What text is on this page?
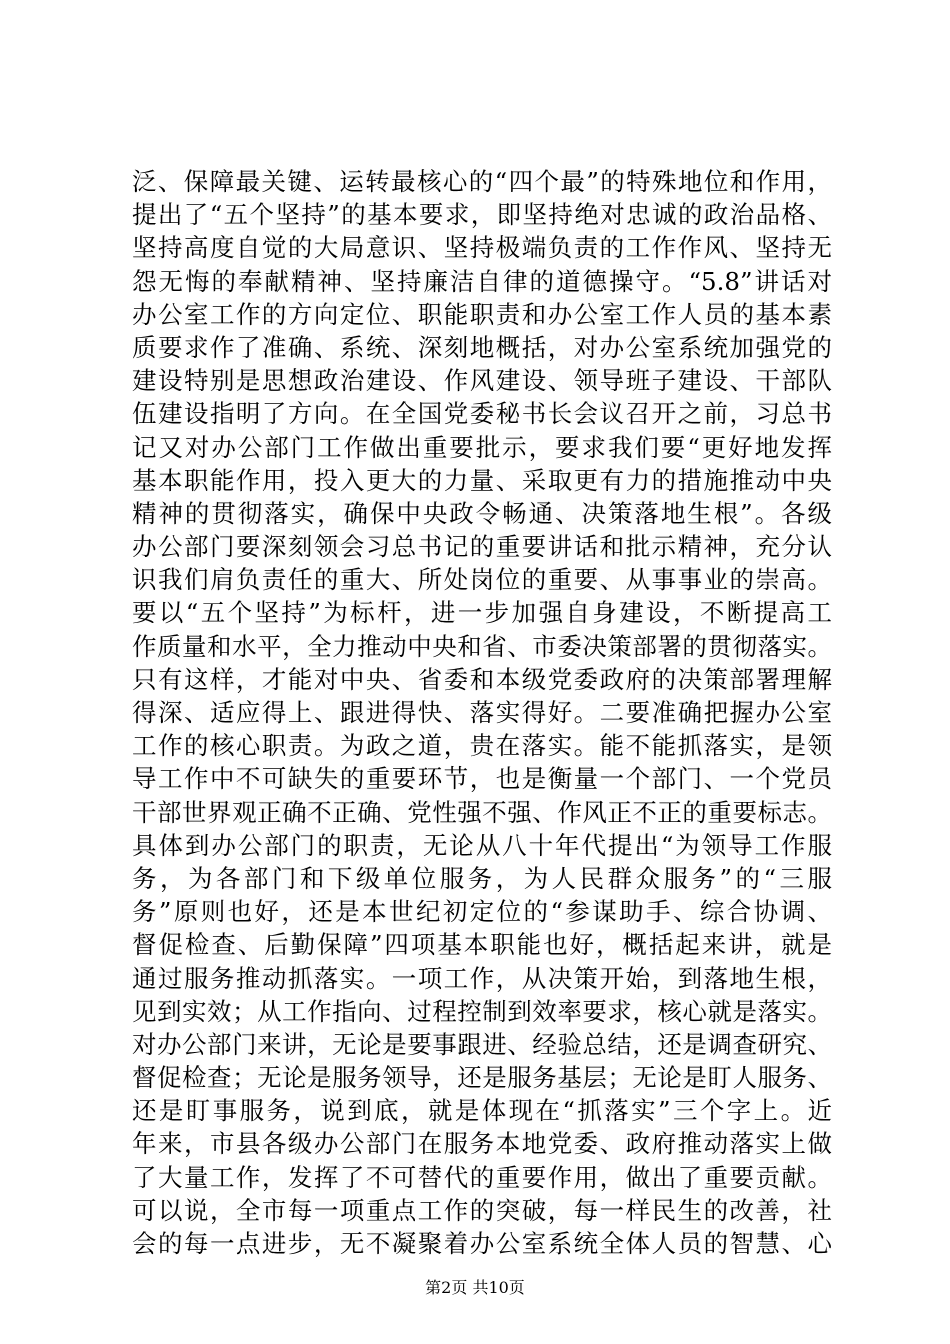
泛、保障最关键、运转最核心的“四个最”的特殊地位和作用，
提出了“五个坚持”的基本要求，即坚持绝对忠诚的政治品格、
坚持高度自觉的大局意识、坚持极端负责的工作作风、坚持无
怨无悔的奉献精神、坚持廉洁自律的道德操守。“5.8”讲话对
办公室工作的方向定位、职能职责和办公室工作人员的基本素
质要求作了准确、系统、深刻地概括，对办公室系统加强党的
建设特别是思想政治建设、作风建设、领导班子建设、干部队
伍建设指明了方向。在全国党委秘书长会议召开之前，习总书
记又对办公部门工作做出重要批示，要求我们要“更好地发挥
基本职能作用，投入更大的力量、采取更有力的措施推动中央
精神的贯彻落实，确保中央政令畅通、决策落地生根”。各级
办公部门要深刻领会习总书记的重要讲话和批示精神，充分认
识我们肩负责任的重大、所处岗位的重要、从事事业的崇高。
要以“五个坚持”为标杆，进一步加强自身建设，不断提高工
作质量和水平，全力推动中央和省、市委决策部署的贯彻落实。
只有这样，才能对中央、省委和本级党委政府的决策部署理解
得深、适应得上、跟进得快、落实得好。二要准确把握办公室
工作的核心职责。为政之道，贵在落实。能不能抓落实，是领
导工作中不可缺失的重要环节，也是衡量一个部门、一个党员
干部世界观正确不正确、党性强不强、作风正不正的重要标志。
具体到办公部门的职责，无论从八十年代提出“为领导工作服
务，为各部门和下级单位服务，为人民群众服务”的“三服
务”原则也好，还是本世纪初定位的“参谋助手、综合协调、
督促检查、后勤保障”四项基本职能也好，概括起来讲，就是
通过服务推动抓落实。一项工作，从决策开始，到落地生根，
见到实效；从工作指向、过程控制到效率要求，核心就是落实。
对办公部门来讲，无论是要事跟进、经验总结，还是调查研究、
督促检查；无论是服务领导，还是服务基层；无论是盯人服务、
还是盯事服务，说到底，就是体现在“抓落实”三个字上。近
年来，市县各级办公部门在服务本地党委、政府推动落实上做
了大量工作，发挥了不可替代的重要作用，做出了重要贡献。
可以说，全市每一项重点工作的突破，每一样民生的改善，社
会的每一点进步，无不凝聚着办公室系统全体人员的智慧、心
第2页 共10页
